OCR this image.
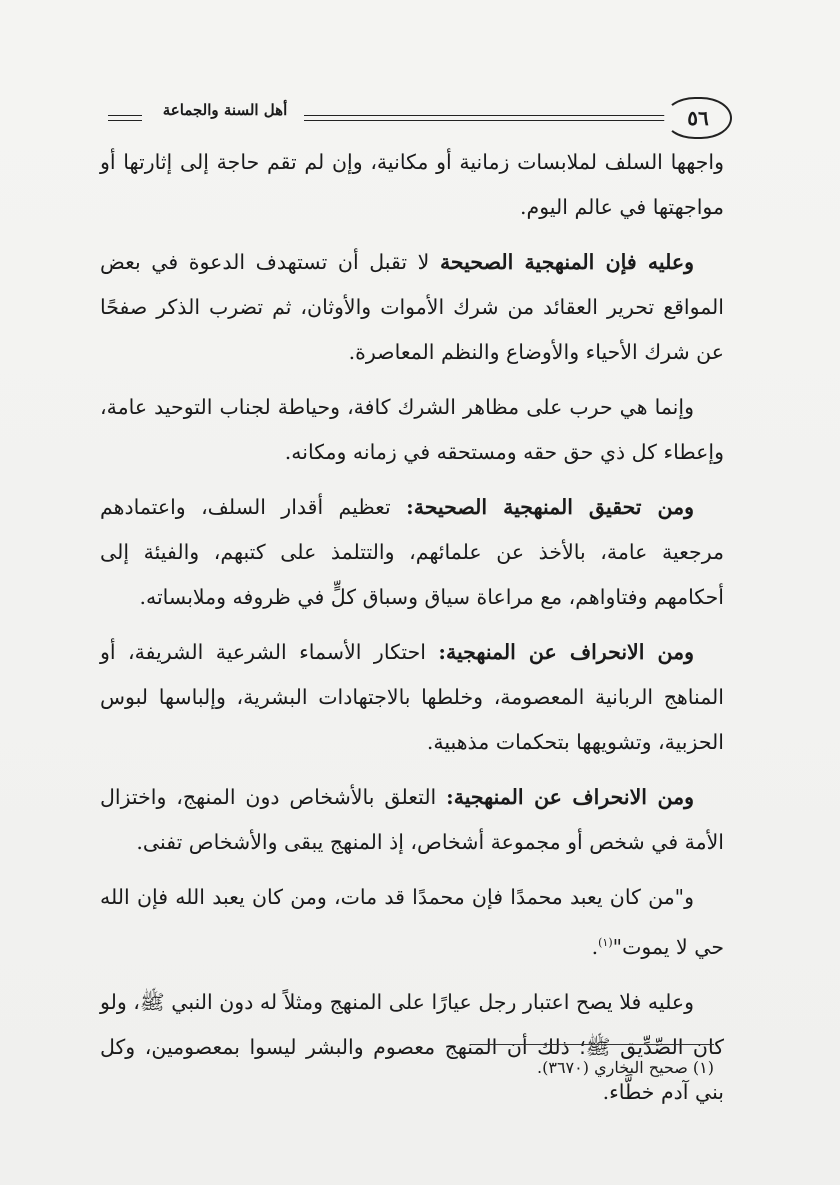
أهل السنة والجماعة	٥٦

واجهها السلف لملابسات زمانية أو مكانية، وإن لم تقم حاجة إلى إثارتها أو مواجهتها في عالم اليوم.

وعليه فإن المنهجية الصحيحة لا تقبل أن تستهدف الدعوة في بعض المواقع تحرير العقائد من شرك الأموات والأوثان، ثم تضرب الذكر صفحًا عن شرك الأحياء والأوضاع والنظم المعاصرة.

وإنما هي حرب على مظاهر الشرك كافة، وحياطة لجناب التوحيد عامة، وإعطاء كل ذي حق حقه ومستحقه في زمانه ومكانه.

ومن تحقيق المنهجية الصحيحة: تعظيم أقدار السلف، واعتمادهم مرجعية عامة، بالأخذ عن علمائهم، والتتلمذ على كتبهم، والفيئة إلى أحكامهم وفتاواهم، مع مراعاة سياق وسباق كلٍّ في ظروفه وملابساته.

ومن الانحراف عن المنهجية: احتكار الأسماء الشرعية الشريفة، أو المناهج الربانية المعصومة، وخلطها بالاجتهادات البشرية، وإلباسها لبوس الحزبية، وتشويهها بتحكمات مذهبية.

ومن الانحراف عن المنهجية: التعلق بالأشخاص دون المنهج، واختزال الأمة في شخص أو مجموعة أشخاص، إذ المنهج يبقى والأشخاص تفنى.

و"من كان يعبد محمدًا فإن محمدًا قد مات، ومن كان يعبد الله فإن الله حي لا يموت"$^{(١)}$.

وعليه فلا يصح اعتبار رجل عيارًا على المنهج ومثلاً له دون النبي ﷺ، ولو كان الصِّدِّيق ﷺ؛ ذلك أن المنهج معصوم والبشر ليسوا بمعصومين، وكل بني آدم خطَّاء.

(١) صحيح البخاري (٣٦٧٠).
